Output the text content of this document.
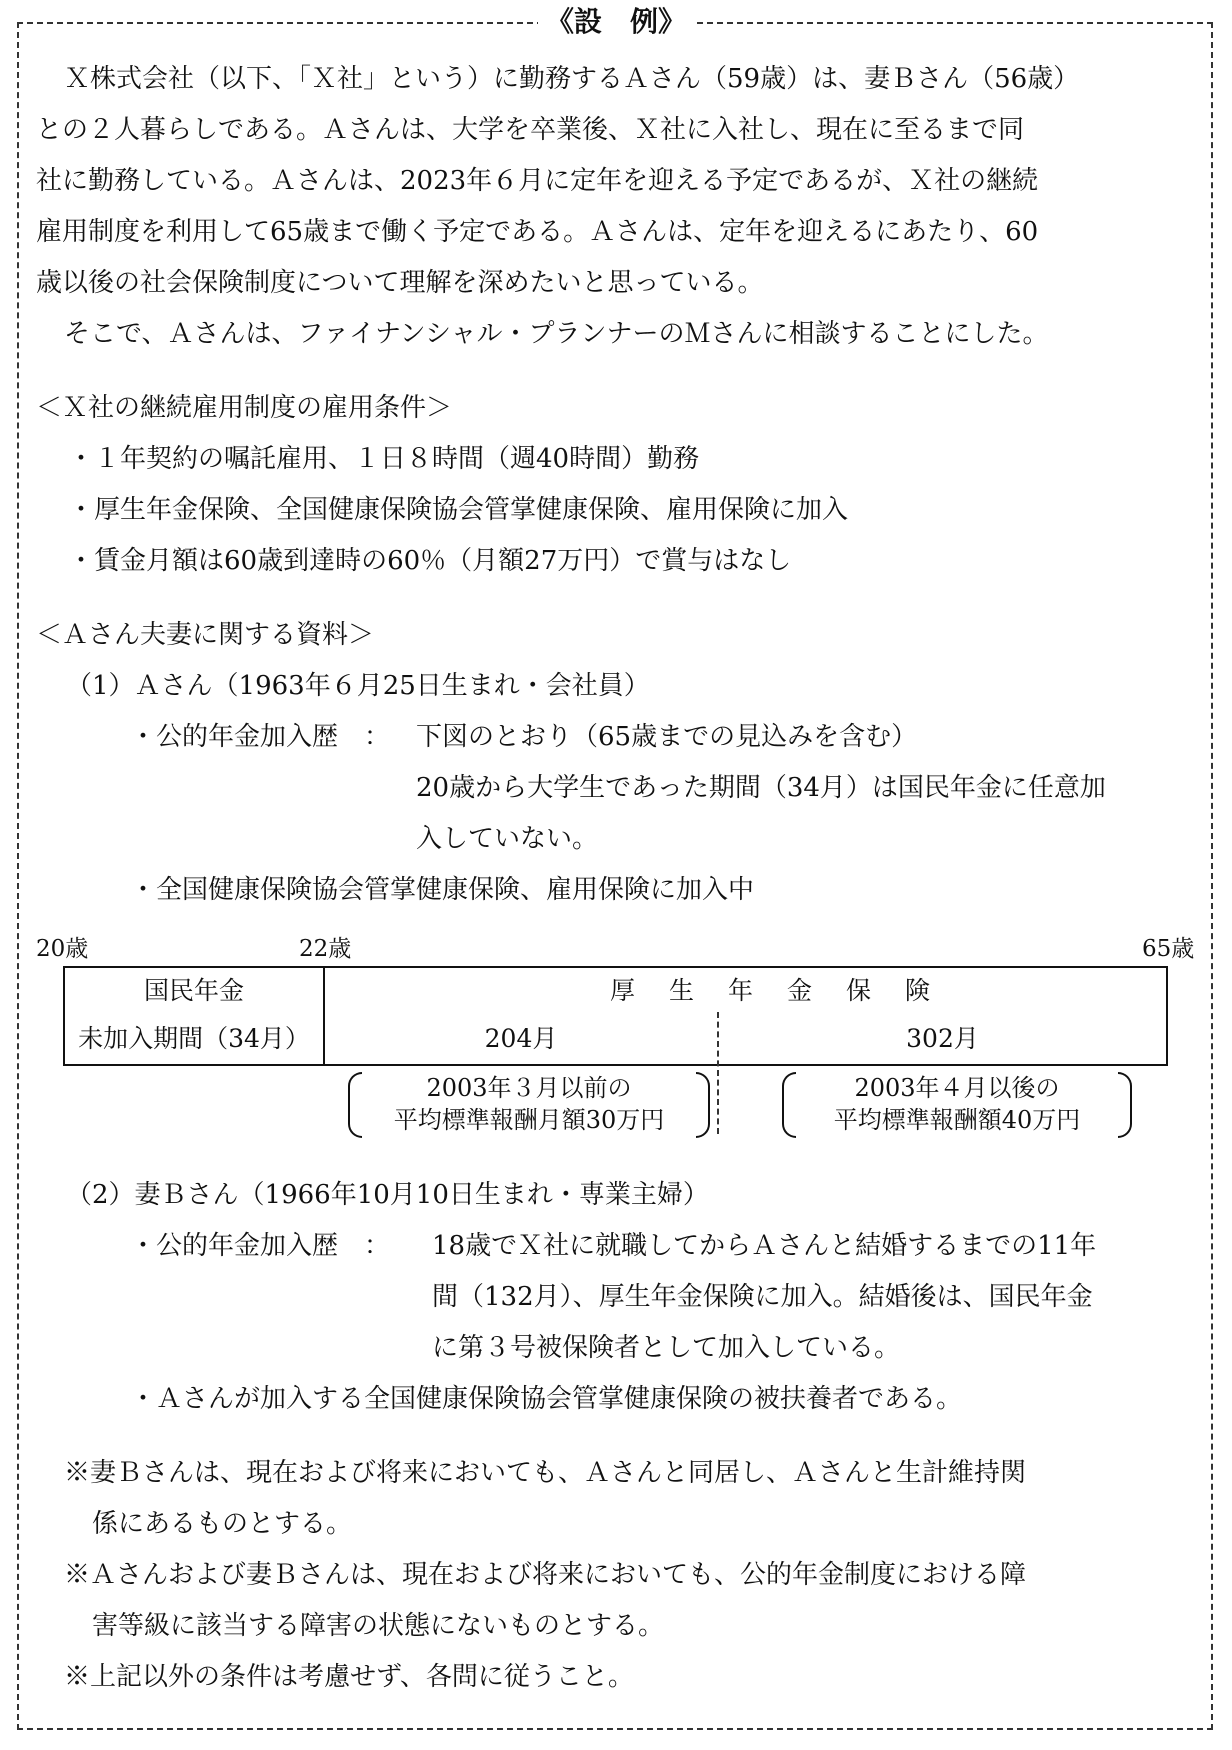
《設　例》
Ｘ株式会社（以下、「Ｘ社」という）に勤務するＡさん（59歳）は、妻Ｂさん（56歳）
との２人暮らしである。Ａさんは、大学を卒業後、Ｘ社に入社し、現在に至るまで同
社に勤務している。Ａさんは、2023年６月に定年を迎える予定であるが、Ｘ社の継続
雇用制度を利用して65歳まで働く予定である。Ａさんは、定年を迎えるにあたり、60
歳以後の社会保険制度について理解を深めたいと思っている。
そこで、Ａさんは、ファイナンシャル・プランナーのＭさんに相談することにした。
＜Ｘ社の継続雇用制度の雇用条件＞
・１年契約の嘱託雇用、１日８時間（週40時間）勤務
・厚生年金保険、全国健康保険協会管掌健康保険、雇用保険に加入
・賃金月額は60歳到達時の60％（月額27万円）で賞与はなし
＜Ａさん夫妻に関する資料＞
（1）Ａさん（1963年６月25日生まれ・会社員）
・公的年金加入歴　： 下図のとおり（65歳までの見込みを含む）
20歳から大学生であった期間（34月）は国民年金に任意加
入していない。
・全国健康保険協会管掌健康保険、雇用保険に加入中
20歳	22歳	65歳
国民年金
未加入期間（34月）
厚生年金保険
204月	302月
2003年３月以前の
平均標準報酬月額30万円
2003年４月以後の
平均標準報酬額40万円
（2）妻Ｂさん（1966年10月10日生まれ・専業主婦）
・公的年金加入歴　： 18歳でＸ社に就職してからＡさんと結婚するまでの11年
間（132月）、厚生年金保険に加入。結婚後は、国民年金
に第３号被保険者として加入している。
・Ａさんが加入する全国健康保険協会管掌健康保険の被扶養者である。
※妻Ｂさんは、現在および将来においても、Ａさんと同居し、Ａさんと生計維持関
係にあるものとする。
※Ａさんおよび妻Ｂさんは、現在および将来においても、公的年金制度における障
害等級に該当する障害の状態にないものとする。
※上記以外の条件は考慮せず、各問に従うこと。
